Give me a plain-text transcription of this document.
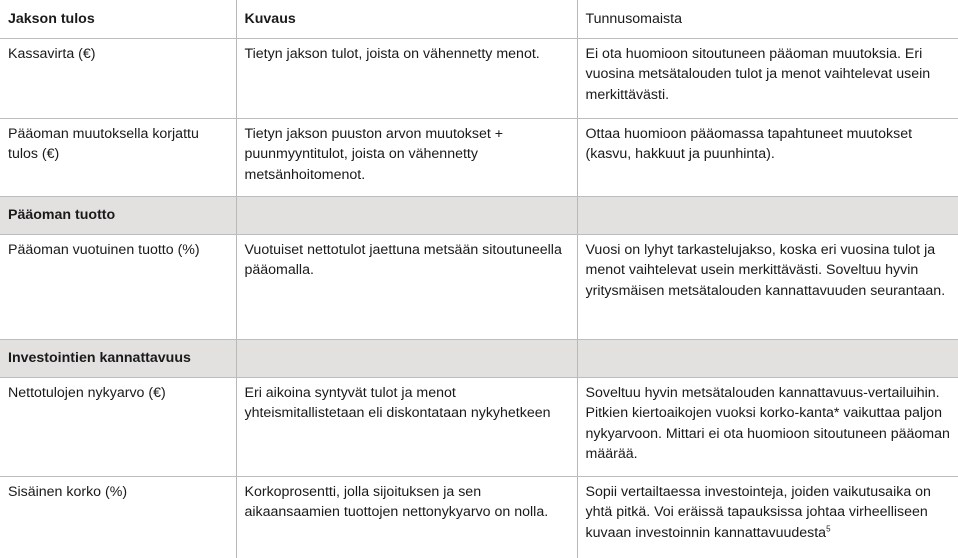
Jakson tulos	Kuvaus	Tunnusomaista
Kassavirta (€)	Tietyn jakson tulot, joista on vähennetty menot.	Ei ota huomioon sitoutuneen pääoman muutoksia. Eri vuosina metsätalouden tulot ja menot vaihtelevat usein merkittävästi.
Pääoman muutoksella korjattu tulos (€)	Tietyn jakson puuston arvon muutokset + puunmyyntitulot, joista on vähennetty metsänhoitomenot.	Ottaa huomioon pääomassa tapahtuneet muutokset (kasvu, hakkuut ja puunhinta).
Pääoman tuotto		
Pääoman vuotuinen tuotto (%)	Vuotuiset nettotulot jaettuna metsään sitoutuneella pääomalla.	Vuosi on lyhyt tarkastelujakso, koska eri vuosina tulot ja menot vaihtelevat usein merkittävästi. Soveltuu hyvin yritysmäisen metsätalouden kannattavuuden seurantaan.
Investointien kannattavuus		
Nettotulojen nykyarvo (€)	Eri aikoina syntyvät tulot ja menot yhteismitallistetaan eli diskontataan nykyhetkeen	Soveltuu hyvin metsätalouden kannattavuus-vertailuihin. Pitkien kiertoaikojen vuoksi korko-kanta* vaikuttaa paljon nykyarvoon. Mittari ei ota huomioon sitoutuneen pääoman määrää.
Sisäinen korko (%)	Korkoprosentti, jolla sijoituksen ja sen aikaansaamien tuottojen nettonykyarvo on nolla.	Sopii vertailtaessa investointeja, joiden vaikutusaika on yhtä pitkä. Voi eräissä tapauksissa johtaa virheelliseen kuvaan investoinnin kannattavuudesta$^5$
